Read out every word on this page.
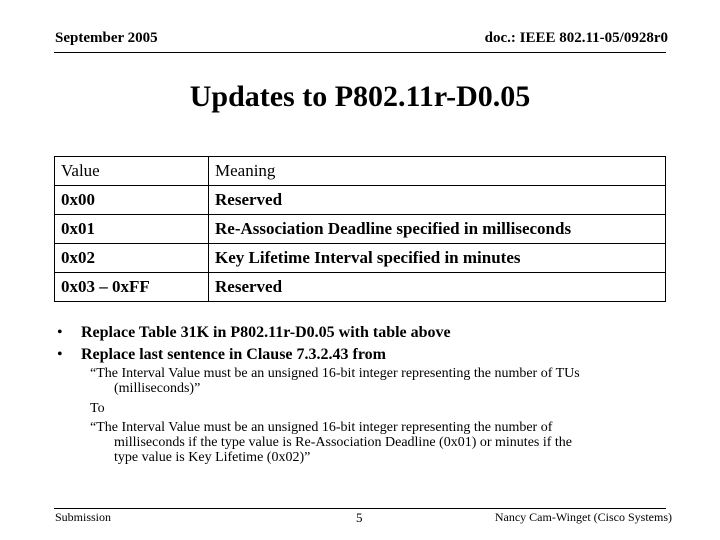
September 2005	doc.: IEEE 802.11-05/0928r0
Updates to P802.11r-D0.05
Value	Meaning
0x00	Reserved
0x01	Re-Association Deadline specified in milliseconds
0x02	Key Lifetime Interval specified in minutes
0x03 – 0xFF	Reserved
• Replace Table 31K in P802.11r-D0.05 with table above
• Replace last sentence in Clause 7.3.2.43 from
“The Interval Value must be an unsigned 16-bit integer representing the number of TUs
(milliseconds)”
To
“The Interval Value must be an unsigned 16-bit integer representing the number of
milliseconds if the type value is Re-Association Deadline (0x01) or minutes if the
type value is Key Lifetime (0x02)”
Submission	5	Nancy Cam-Winget (Cisco Systems)
